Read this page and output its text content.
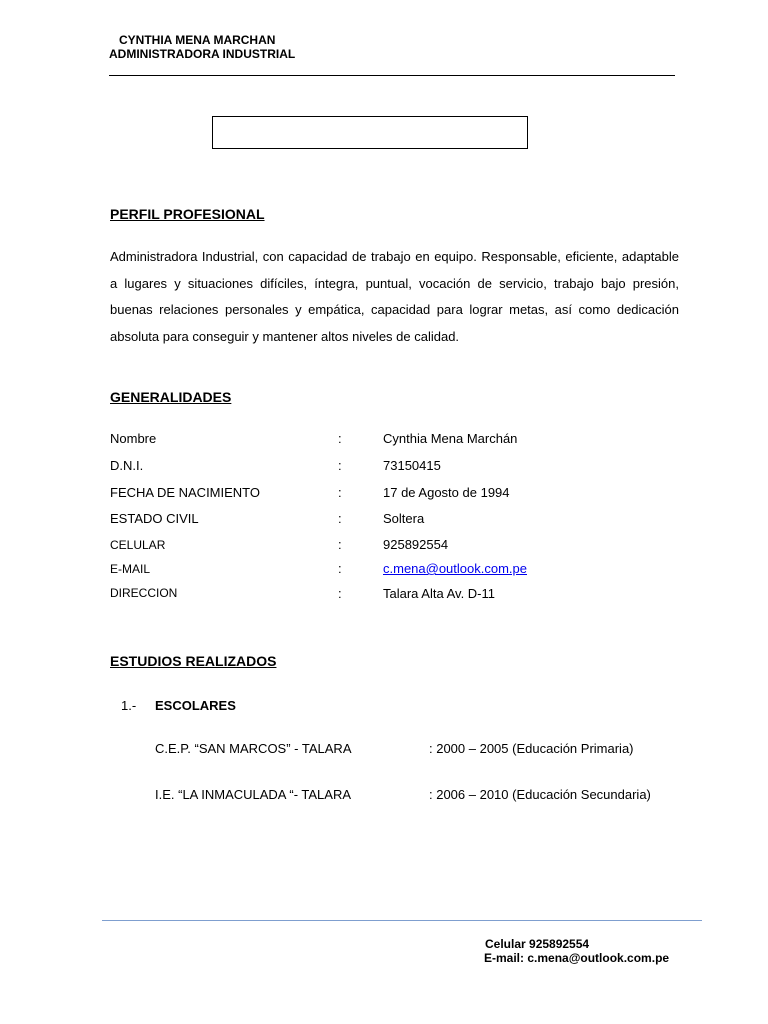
CYNTHIA MENA MARCHAN
ADMINISTRADORA INDUSTRIAL
PERFIL PROFESIONAL

Administradora Industrial, con capacidad de trabajo en equipo. Responsable, eficiente, adaptable a lugares y situaciones difíciles, íntegra, puntual, vocación de servicio, trabajo bajo presión, buenas relaciones personales y empática, capacidad para lograr metas, así como dedicación absoluta para conseguir y mantener altos niveles de calidad.

GENERALIDADES
Nombre	:	Cynthia Mena Marchán
D.N.I.	:	73150415
FECHA DE NACIMIENTO	:	17 de Agosto de 1994
ESTADO CIVIL	:	Soltera
CELULAR	:	925892554
E-MAIL	:	c.mena@outlook.com.pe
DIRECCION	:	Talara Alta Av. D-11
ESTUDIOS REALIZADOS
1.- ESCOLARES
C.E.P. “SAN MARCOS” - TALARA	: 2000 – 2005 (Educación Primaria)
I.E. “LA INMACULADA “- TALARA	: 2006 – 2010 (Educación Secundaria)
Celular 925892554
E-mail: c.mena@outlook.com.pe
